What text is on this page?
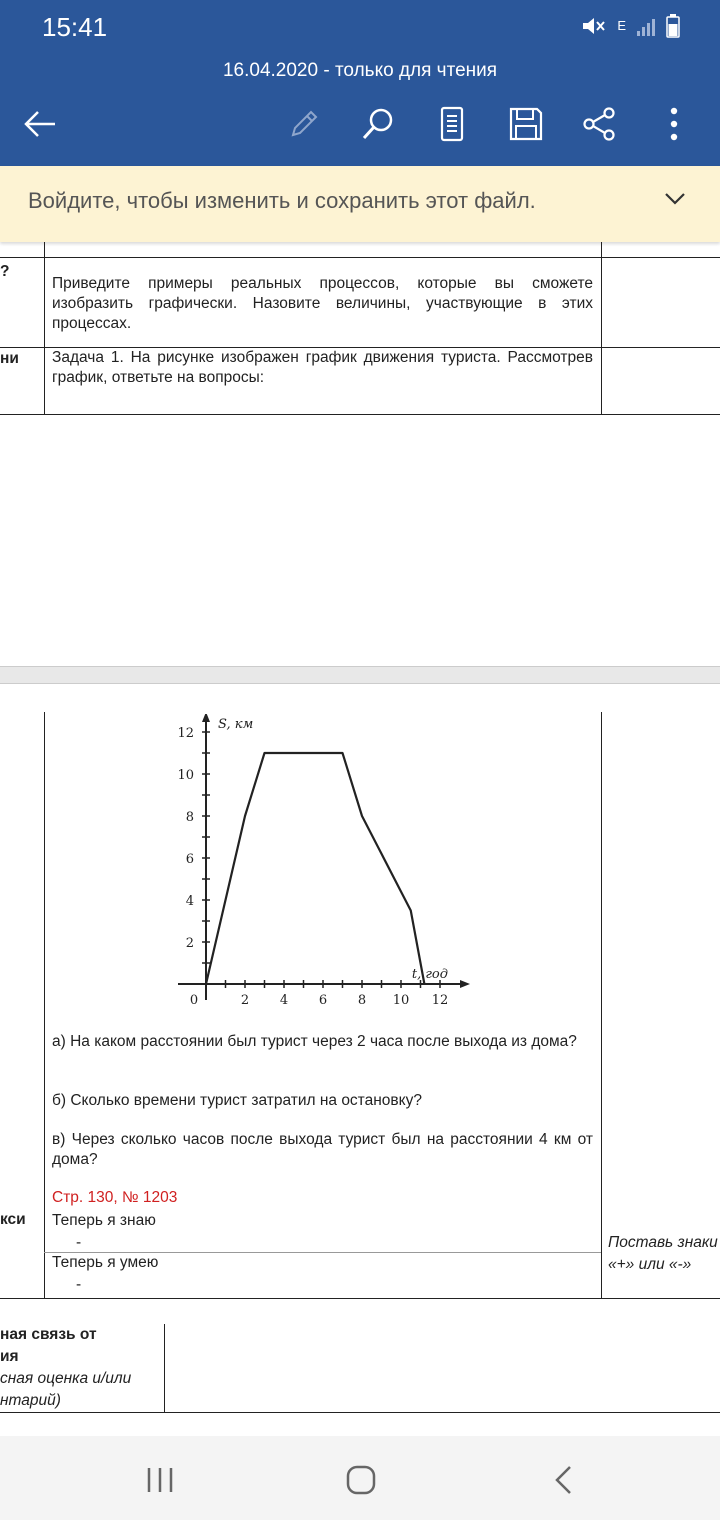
15:41	E
16.04.2020 - только для чтения
Войдите, чтобы изменить и сохранить этот файл.
?
Приведите примеры реальных процессов, которые вы сможете изобразить графически. Назовите величины, участвующие в этих процессах.
ни Задача 1. На рисунке изображен график движения туриста. Рассмотрев график, ответьте на вопросы:
0	2 4 6 8 10 12
2
4
6
8
10
12
S, км
t, год
а) На каком расстоянии был турист через 2 часа после выхода из дома?
б) Сколько времени турист затратил на остановку?
в) Через сколько часов после выхода турист был на расстоянии 4 км от дома?
Стр. 130, № 1203
кси Теперь я знаю
-
Теперь я умею
-
Поставь знаки «+» или «-»
ная связь от
ия
сная оценка и/или
нтарий)
